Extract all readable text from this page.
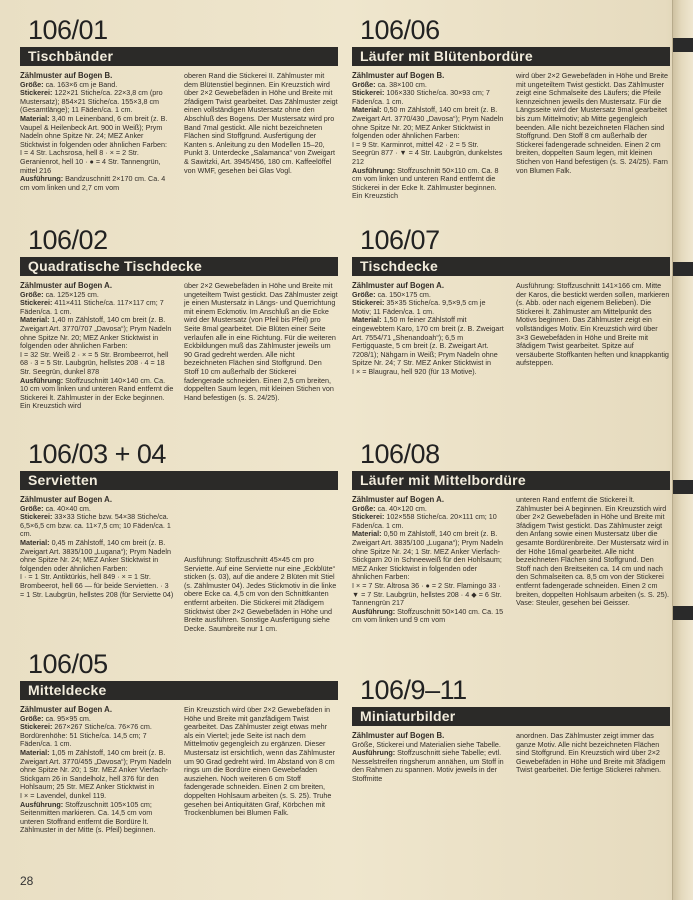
106/01
Tischbänder

Zählmuster auf Bogen B.

Größe: ca. 163×6 cm je Band.

Stickerei: 122×21 Stiche/ca. 22×3,8 cm (pro Mustersatz); 854×21 Stiche/ca. 155×3,8 cm (Gesamtlänge); 11 Fäden/ca. 1 cm.

Material: 3,40 m Leinenband, 6 cm breit (z. B. Vaupel & Heilenbeck Art. 900 in Weiß); Prym Nadeln ohne Spitze Nr. 24; MEZ Anker Sticktwist in folgenden oder ähnlichen Farben:

I = 4 Str. Lachsrosa, hell 8 · × = 2 Str. Geranienrot, hell 10 · ● = 4 Str. Tannengrün, mittel 216

Ausführung: Bandzuschnitt 2×170 cm. Ca. 4 cm vom linken und 2,7 cm vom

oberen Rand die Stickerei II. Zählmuster mit dem Blütenstiel beginnen. Ein Kreuzstich wird über 2×2 Gewebefäden in Höhe und Breite mit 2fädigem Twist gearbeitet. Das Zählmuster zeigt einen vollständigen Mustersatz ohne den Abschluß des Bogens. Der Mustersatz wird pro Band 7mal gestickt. Alle nicht bezeichneten Flächen sind Stoffgrund. Ausfertigung der Kanten s. Anleitung zu den Modellen 15–20, Punkt 3. Unterdecke „Salamanca“ von Zweigart & Sawitzki, Art. 3945/456, 180 cm. Kaffeelöffel von WMF, gesehen bei Glas Vogl.
106/06
Läufer mit Blütenbordüre

Zählmuster auf Bogen B.

Größe: ca. 38×100 cm.

Stickerei: 106×330 Stiche/ca. 30×93 cm; 7 Fäden/ca. 1 cm.

Material: 0,50 m Zählstoff, 140 cm breit (z. B. Zweigart Art. 3770/430 „Davosa“); Prym Nadeln ohne Spitze Nr. 20; MEZ Anker Sticktwist in folgenden oder ähnlichen Farben:

I = 9 Str. Karminrot, mittel 42 · 2 = 5 Str. Seegrün 877 · ▼ = 4 Str. Laubgrün, dunkelstes 212

Ausführung: Stoffzuschnitt 50×110 cm. Ca. 8 cm vom linken und unteren Rand entfernt die Stickerei in der Ecke lt. Zählmuster beginnen. Ein Kreuzstich

wird über 2×2 Gewebefäden in Höhe und Breite mit ungeteiltem Twist gestickt. Das Zählmuster zeigt eine Schmalseite des Läufers; die Pfeile kennzeichnen jeweils den Mustersatz. Für die Längsseite wird der Mustersatz 9mal gearbeitet bis zum Mittelmotiv; ab Mitte gegengleich beenden. Alle nicht bezeichneten Flächen sind Stoffgrund. Den Stoff 8 cm außerhalb der Stickerei fadengerade schneiden. Einen 2 cm breiten, doppelten Saum legen, mit kleinen Stichen von Hand befestigen (s. S. 24/25). Farn von Blumen Falk.
106/02
Quadratische Tischdecke

Zählmuster auf Bogen A.

Größe: ca. 125×125 cm.

Stickerei: 411×411 Stiche/ca. 117×117 cm; 7 Fäden/ca. 1 cm.

Material: 1,40 m Zählstoff, 140 cm breit (z. B. Zweigart Art. 3770/707 „Davosa“); Prym Nadeln ohne Spitze Nr. 20; MEZ Anker Sticktwist in folgenden oder ähnlichen Farben:

I = 32 Str. Weiß 2 · × = 5 Str. Brombeerrot, hell 68 · 3 = 5 Str. Laubgrün, hellstes 208 · 4 = 18 Str. Seegrün, dunkel 878

Ausführung: Stoffzuschnitt 140×140 cm. Ca. 10 cm vom linken und unteren Rand entfernt die Stickerei lt. Zählmuster in der Ecke beginnen. Ein Kreuzstich wird

über 2×2 Gewebefäden in Höhe und Breite mit ungeteiltem Twist gestickt. Das Zählmuster zeigt je einen Mustersatz in Längs- und Querrichtung mit einem Eckmotiv. Im Anschluß an die Ecke wird der Mustersatz (von Pfeil bis Pfeil) pro Seite 8mal gearbeitet. Die Blüten einer Seite verlaufen alle in eine Richtung. Für die weiteren Eckbildungen muß das Zählmuster jeweils um 90 Grad gedreht werden. Alle nicht bezeichneten Flächen sind Stoffgrund. Den Stoff 10 cm außerhalb der Stickerei fadengerade schneiden. Einen 2,5 cm breiten, doppelten Saum legen, mit kleinen Stichen von Hand befestigen (s. S. 24/25).
106/07
Tischdecke

Zählmuster auf Bogen A.

Größe: ca. 150×175 cm.

Stickerei: 35×35 Stiche/ca. 9,5×9,5 cm je Motiv; 11 Fäden/ca. 1 cm.

Material: 1,50 m feiner Zählstoff mit eingewebtem Karo, 170 cm breit (z. B. Zweigart Art. 7554/71 „Shenandoah“); 6,5 m Fertigquaste, 5 cm breit (z. B. Zweigart Art. 7208/1); Nähgarn in Weiß; Prym Nadeln ohne Spitze Nr. 24; 7 Str. MEZ Anker Sticktwist in

I × = Blaugrau, hell 920 (für 13 Motive).

Ausführung: Stoffzuschnitt 141×166 cm. Mitte der Karos, die bestickt werden sollen, markieren (s. Abb. oder nach eigenem Belieben). Die Stickerei lt. Zählmuster am Mittelpunkt des Motivs beginnen. Das Zählmuster zeigt ein vollständiges Motiv. Ein Kreuzstich wird über 3×3 Gewebefäden in Höhe und Breite mit 3fädigem Twist gearbeitet. Spitze auf versäuberte Stoffkanten heften und knappkantig aufsteppen.
106/03 + 04
Servietten

Zählmuster auf Bogen A.

Größe: ca. 40×40 cm.

Stickerei: 33×33 Stiche bzw. 54×38 Stiche/ca. 6,5×6,5 cm bzw. ca. 11×7,5 cm; 10 Fäden/ca. 1 cm.

Material: 0,45 m Zählstoff, 140 cm breit (z. B. Zweigart Art. 3835/100 „Lugana“); Prym Nadeln ohne Spitze Nr. 24; MEZ Anker Sticktwist in folgenden oder ähnlichen Farben:

I · = 1 Str. Antiktürkis, hell 849 · × = 1 Str. Brombeerot, hell 66 — für beide Servietten. · 3 = 1 Str. Laubgrün, hellstes 208 (für Serviette 04)

Ausführung: Stoffzuschnitt 45×45 cm pro Serviette. Auf eine Serviette nur eine „Eckblüte“ sticken (s. 03), auf die andere 2 Blüten mit Stiel (s. Zählmuster 04). Jedes Stickmotiv in die linke obere Ecke ca. 4,5 cm von den Schnittkanten entfernt arbeiten. Die Stickerei mit 2fädigem Sticktwist über 2×2 Gewebefäden in Höhe und Breite ausführen. Sonstige Ausfertigung siehe Decke. Saumbreite nur 1 cm.
106/08
Läufer mit Mittelbordüre

Zählmuster auf Bogen A.

Größe: ca. 40×120 cm.

Stickerei: 102×558 Stiche/ca. 20×111 cm; 10 Fäden/ca. 1 cm.

Material: 0,50 m Zählstoff, 140 cm breit (z. B. Zweigart Art. 3835/100 „Lugana“); Prym Nadeln ohne Spitze Nr. 24; 1 Str. MEZ Anker Vierfach-Stickgarn 20 in Schneeweiß für den Hohlsaum; MEZ Anker Sticktwist in folgenden oder ähnlichen Farben:

I × = 7 Str. Altrosa 36 · ● = 2 Str. Flamingo 33 · ▼ = 7 Str. Laubgrün, hellstes 208 · 4 ◆ = 6 Str. Tannengrün 217

Ausführung: Stoffzuschnitt 50×140 cm. Ca. 15 cm vom linken und 9 cm vom

unteren Rand entfernt die Stickerei lt. Zählmuster bei A beginnen. Ein Kreuzstich wird über 2×2 Gewebefäden in Höhe und Breite mit 3fädigem Twist gestickt. Das Zählmuster zeigt den Anfang sowie einen Mustersatz über die gesamte Bordürenbreite. Der Mustersatz wird in der Höhe 16mal gearbeitet. Alle nicht bezeichneten Flächen sind Stoffgrund. Den Stoff nach den Breitseiten ca. 14 cm und nach den Schmalseiten ca. 8,5 cm von der Stickerei entfernt fadengerade schneiden. Einen 2 cm breiten, doppelten Hohlsaum arbeiten (s. S. 25). Vase: Steuler, gesehen bei Geisser.
106/05
Mitteldecke

Zählmuster auf Bogen A.

Größe: ca. 95×95 cm.

Stickerei: 267×267 Stiche/ca. 76×76 cm.

Bordürenhöhe: 51 Stiche/ca. 14,5 cm; 7 Fäden/ca. 1 cm.

Material: 1,05 m Zählstoff, 140 cm breit (z. B. Zweigart Art. 3770/455 „Davosa“); Prym Nadeln ohne Spitze Nr. 20; 1 Str. MEZ Anker Vierfach-Stickgarn 26 in Sandelholz, hell 376 für den Hohlsaum; 25 Str. MEZ Anker Sticktwist in

I × = Lavendel, dunkel 119.

Ausführung: Stoffzuschnitt 105×105 cm; Seitenmitten markieren. Ca. 14,5 cm vom unteren Stoffrand entfernt die Bordüre lt. Zählmuster in der Mitte (s. Pfeil) beginnen.

Ein Kreuzstich wird über 2×2 Gewebefäden in Höhe und Breite mit ganzfädigem Twist gearbeitet. Das Zählmuster zeigt etwas mehr als ein Viertel; jede Seite ist nach dem Mittelmotiv gegengleich zu ergänzen. Dieser Mustersatz ist ersichtlich, wenn das Zählmuster um 90 Grad gedreht wird. Im Abstand von 8 cm rings um die Bordüre einen Gewebefaden ausziehen. Noch weiteren 6 cm Stoff fadengerade schneiden. Einen 2 cm breiten, doppelten Hohlsaum arbeiten (s. S. 25). Truhe gesehen bei Antiquitäten Graf, Körbchen mit Trockenblumen bei Blumen Falk.
106/9–11
Miniaturbilder

Zählmuster auf Bogen B.

Größe, Stickerei und Materialien siehe Tabelle.

Ausführung: Stoffzuschnitt siehe Tabelle; evtl. Nesselstreifen ringsherum annähen, um Stoff in den Rahmen zu spannen. Motiv jeweils in der Stoffmitte

anordnen. Das Zählmuster zeigt immer das ganze Motiv. Alle nicht bezeichneten Flächen sind Stoffgrund. Ein Kreuzstich wird über 2×2 Gewebefäden in Höhe und Breite mit 3fädigem Twist gearbeitet. Die fertige Stickerei rahmen.
28
